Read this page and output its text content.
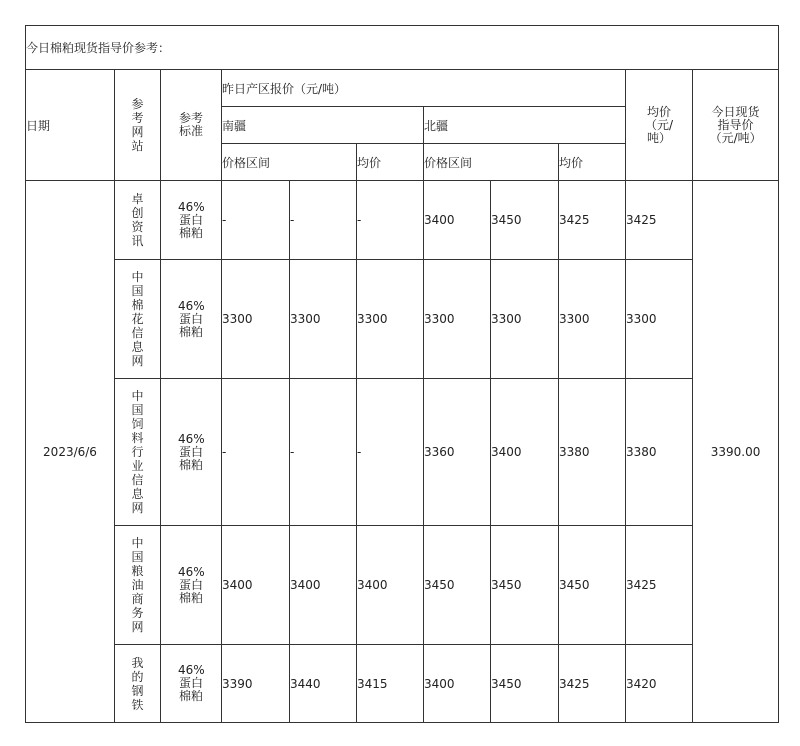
今日棉粕现货指导价参考：										
日期	参考网站	参考标准	昨日产区报价（元/吨）						均价（元/吨）	今日现货指导价（元/吨）
			南疆			北疆				
			价格区间		均价	价格区间		均价		
2023/6/6	卓创资讯	46%蛋白棉粕	-	-	-	3400	3450	3425	3425	3390.00
	中国棉花信息网	46%蛋白棉粕	3300	3300	3300	3300	3300	3300	3300	
	中国饲料行业信息网	46%蛋白棉粕	-	-	-	3360	3400	3380	3380	
	中国粮油商务网	46%蛋白棉粕	3400	3400	3400	3450	3450	3450	3425	
	我的钢铁	46%蛋白棉粕	3390	3440	3415	3400	3450	3425	3420	
